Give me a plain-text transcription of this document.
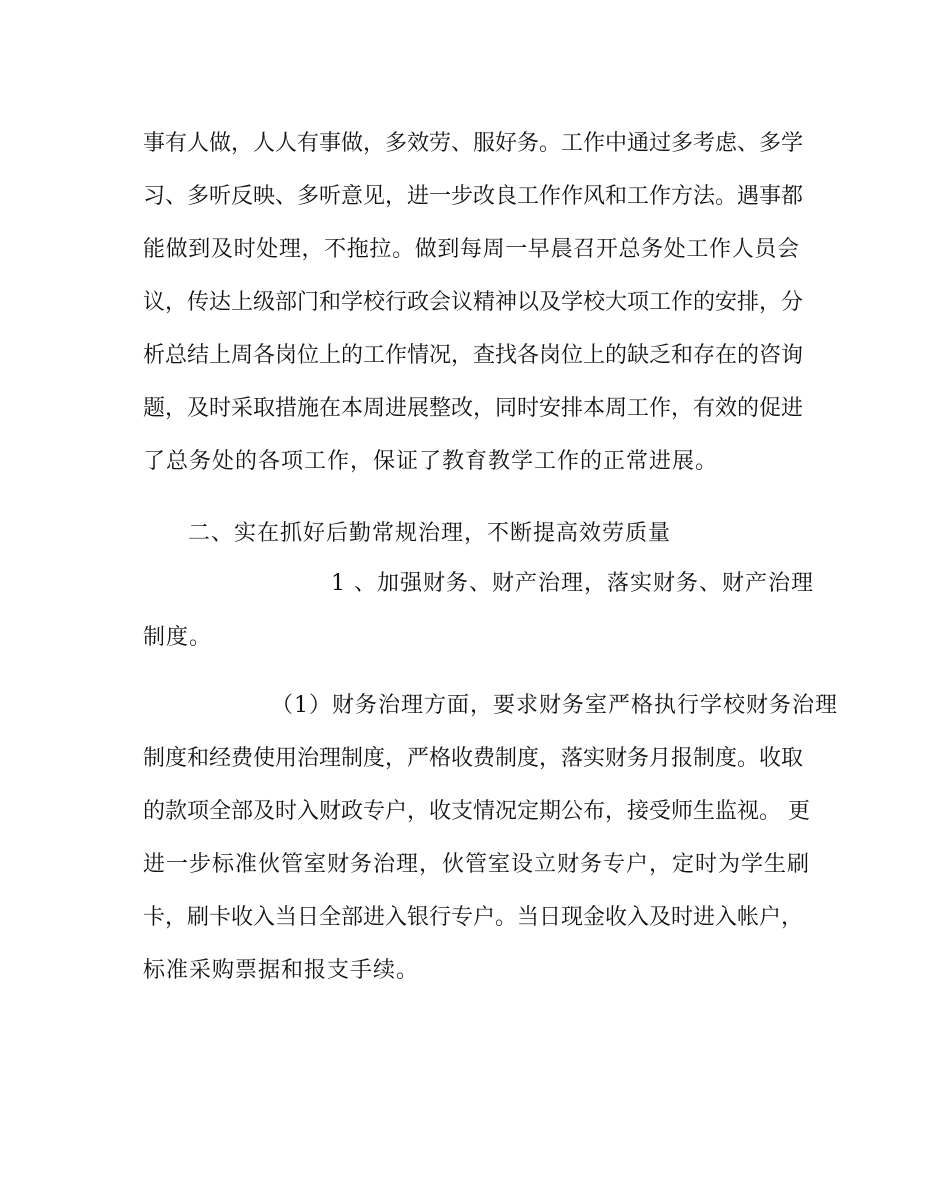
事有人做，人人有事做，多效劳、服好务。工作中通过多考虑、多学
习、多听反映、多听意见，进一步改良工作作风和工作方法。遇事都
能做到及时处理，不拖拉。做到每周一早晨召开总务处工作人员会
议，传达上级部门和学校行政会议精神以及学校大项工作的安排，分
析总结上周各岗位上的工作情况，查找各岗位上的缺乏和存在的咨询
题，及时采取措施在本周进展整改，同时安排本周工作，有效的促进
了总务处的各项工作，保证了教育教学工作的正常进展。
二、实在抓好后勤常规治理，不断提高效劳质量
1 、加强财务、财产治理，落实财务、财产治理
制度。
（1）财务治理方面，要求财务室严格执行学校财务治理
制度和经费使用治理制度，严格收费制度，落实财务月报制度。收取
的款项全部及时入财政专户，收支情况定期公布，接受师生监视。 更
进一步标准伙管室财务治理，伙管室设立财务专户，定时为学生刷
卡，刷卡收入当日全部进入银行专户。当日现金收入及时进入帐户，
标准采购票据和报支手续。
